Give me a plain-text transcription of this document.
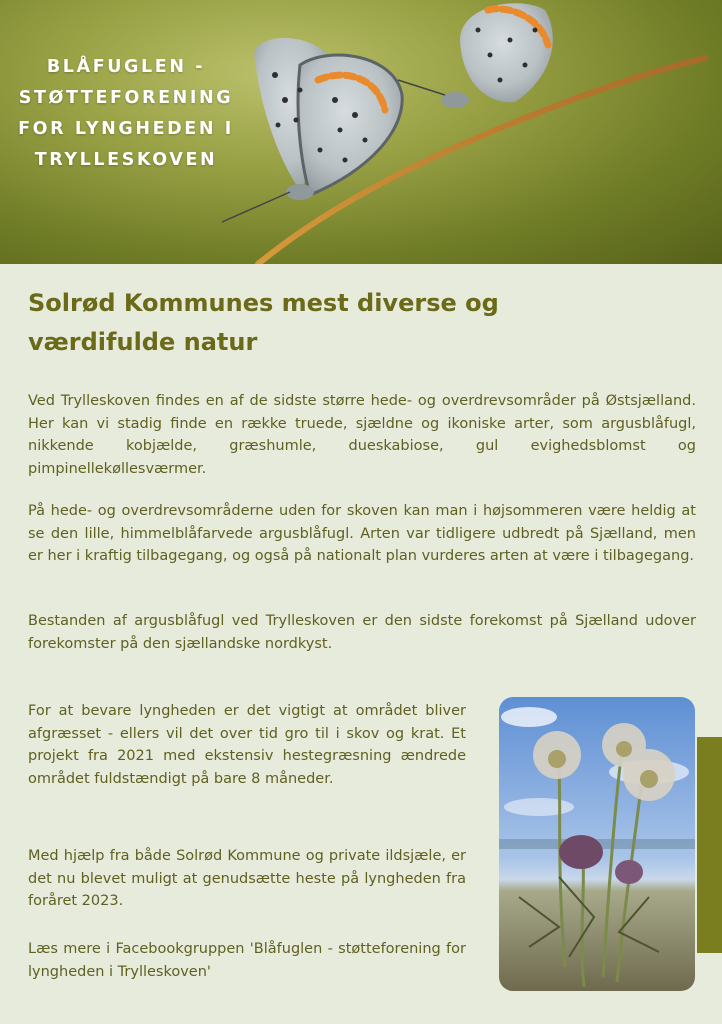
BLÅFUGLEN - STØTTEFORENING FOR LYNGHEDEN I TRYLLESKOVEN
Solrød Kommunes mest diverse og værdifulde natur

Ved Trylleskoven findes en af de sidste større hede- og overdrevsområder på Østsjælland. Her kan vi stadig finde en række truede, sjældne og ikoniske arter, som argusblåfugl, nikkende kobjælde, græshumle, dueskabiose, gul evighedsblomst og pimpinellekøllesværmer.

På hede- og overdrevsområderne uden for skoven kan man i højsommeren være heldig at se den lille, himmelblåfarvede argusblåfugl. Arten var tidligere udbredt på Sjælland, men er her i kraftig tilbagegang, og også på nationalt plan vurderes arten at være i tilbagegang.

Bestanden af argusblåfugl ved Trylleskoven er den sidste forekomst på Sjælland udover forekomster på den sjællandske nordkyst.

For at bevare lyngheden er det vigtigt at området bliver afgræsset - ellers vil det over tid gro til i skov og krat. Et projekt fra 2021 med ekstensiv hestegræsning ændrede området fuldstændigt på bare 8 måneder.

Med hjælp fra både Solrød Kommune og private ildsjæle, er det nu blevet muligt at genudsætte heste på lyngheden fra foråret 2023.

Læs mere i Facebookgruppen 'Blåfuglen - støtteforening for lyngheden i Trylleskoven'
